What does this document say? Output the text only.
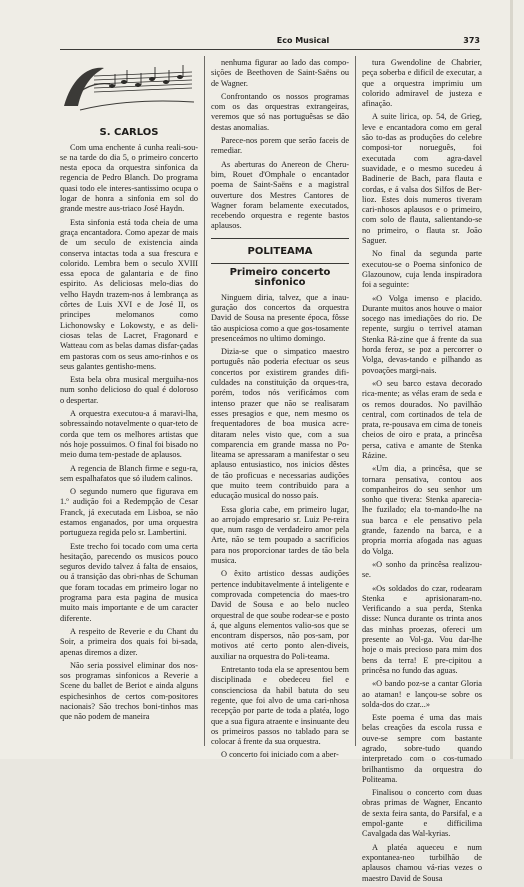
Eco Musical	373
S. CARLOS

Com uma enchente á cunha reali-sou-se na tarde do dia 5, o primeiro concerto nesta epoca da orquestra sinfonica da regencia de Pedro Blanch. Do programa quasi todo ele interes-santissimo ocupa o logar de honra a sinfonia em sol do grande mestre aus-triaco José Haydn.

Esta sinfonia está toda cheia de uma graça encantadora. Como apezar de mais de um seculo de existencia ainda conserva intactas toda a sua frescura e colorido. Lembra bem o seculo XVIII essa epoca de galantaria e de fino espirito. As deliciosas melo-dias do velho Haydn trazem-nos á lembrança as côrtes de Luis XVI e de José II, os principes melomanos como Lichonowsky e Lokowsty, e as deli-ciosas telas de Lacret, Fragonard e Watteau com as belas damas disfar-çadas em pastoras com os seus amo-rinhos e os seus galantes gentisho-mens.

Esta bela obra musical merguiha-nos num sonho delicioso do qual é doloroso o despertar.

A orquestra executou-a á maravi-lha, sobressaindo notavelmente o quar-teto de corda que tem os melhores artistas que nós hoje possuimos. O final foi bisado no meio duma tem-pestade de aplausos.

A regencia de Blanch firme e segu-ra, sem espalhafatos que só iludem calinos.

O segundo numero que figurava em 1.º audição foi a Redempção de Cesar Franck, já executada em Lisboa, se não estamos enganados, por uma orquestra portugueza regida pelo sr. Lambertini.

Este trecho foi tocado com uma certa hesitação, parecendo os musicos pouco seguros devido talvez á falta de ensaios, ou á transição das obri-nhas de Schuman que foram tocadas em primeiro logar no programa para esta pagina de musica muito mais importante e de um caracter diferente.

A respeito de Reverie e du Chant du Soir, a primeira dos quais foi bi-sada, apenas diremos a dizer.

Não seria possivel eliminar dos nos-sos programas sinfonicos a Reverie a Scene du ballet de Beriot e ainda alguns espichesinhos de certos com-positores nacionais? São trechos boni-tinhos mas que não podem de maneira

nenhuma figurar ao lado das compo-sições de Beethoven de Saint-Saëns ou de Wagner.

Confrontando os nossos programas com os das orquestras extrangeiras, veremos que só nas portuguêsas se dão destas anomalias.

Parece-nos porem que serão faceis de remediar.

As aberturas do Anereon de Cheru-bim, Rouet d'Omphale o encantador poema de Saint-Saëns e a magistral ouverture dos Mestres Cantores de Wagner foram belamente executados, recebendo orquestra e regente bastos aplausos.

POLITEAMA
Primeiro concerto sinfonico

Ninguem diria, talvez, que a inau-guração dos concertos da orquestra David de Sousa na presente época, fôsse tão auspiciosa como a que gos-tosamente presenceámos no ultimo domingo.

Dizia-se que o simpatico maestro português não poderia efectuar os seus concertos por existirem grandes difi-culdades na constituição da orques-tra, porém, todos nós verificámos com intenso prazer que não se realisaram esses presagios e que, nem mesmo os frequentadores de boa musica acre-ditaram neles visto que, com a sua comparencia em grande massa no Po-liteama se apressaram a manifestar o seu aplauso entusiastico, nos inicios dêstes de tão proficuas e necessarias audições que muito teem contribuido para a educação musical do nosso país.

Essa gloria cabe, em primeiro lugar, ao arrojado empresario sr. Luiz Pe-reira que, num rasgo de verdadeiro amor pela Arte, não se tem poupado a sacrificios para nos proporcionar tardes de tão bela musica.

O êxito artistico dessas audições pertence indubitavelmente á inteligente e comprovada competencia do maes-tro David de Sousa e ao belo nucleo orquestral de que soube rodear-se e posto á, que alguns elementos valio-sos que se encontram dispersos, não pos-sam, por motivos até certo ponto alen-diveis, auxiliar na orquestra do Poli-teama.

Entretanto toda ela se apresentou bem disciplinada e obedeceu fiel e conscienciosa da habil batuta do seu regente, que foi alvo de uma cari-nhosa recepção por parte de toda a platéa, logo que a sua figura atraente e insinuante deu os primeiros passos no tablado para se colocar á frente da sua orquestra.

O concerto foi iniciado com a aber-

tura Gwendoline de Chabrier, peça soberba e dificil de executar, a que a orquestra imprimiu um colorido admiravel de justeza e afinação.

A suite lirica, op. 54, de Grieg, leve e encantadora como em geral são to-das as produções do celebre composi-tor norueguês, foi executada com agra-davel suavidade, e o mesmo sucedeu á Badinerie de Bach, para flauta e cordas, e á valsa dos Silfos de Ber-lioz. Estes dois numeros tiveram cari-nhosos aplausos e o primeiro, com solo de flauta, salientando-se no primeiro, o flauta sr. João Saguer.

No final da segunda parte executou-se o Poema sinfonico de Glazounow, cuja lenda inspiradora foi a seguinte:

«O Volga imenso e placido. Durante muitos anos houve o maior socego nas imediações do rio. De repente, surgiu o terrivel ataman Stenka Rà-zine que á frente da sua horda feroz, se poz a percorrer o Volga, devas-tando e pilhando as povoações margi-nais.

«O seu barco estava decorado rica-mente; as vélas eram de seda e os remos dourados. No pavilhão central, com cortinados de tela de prata, re-pousava em cima de toneis cheios de oiro e prata, a princêsa persa, cativa e amante de Stenka Rázine.

«Um dia, a princêsa, que se tornara pensativa, contou aos companheiros do seu senhor um sonho que tivera: Stenka aparecia-lhe fuzilado; ela to-mando-lhe na sua barca e ele pensativo pela grande, fazendo na barca, e a propria morria afogada nas aguas do Volga.

«O sonho da princêsa realizou-se.

«Os soldados do czar, rodearam Stenka e aprisionaram-no. Verificando a sua perda, Stenka disse: Nunca durante os trinta anos das minhas proezas, ofereci um presente ao Vol-ga. Vou dar-lhe hoje o mais precioso para mim dos bens da terra! E pre-cipitou a princêsa no fundo das aguas.

«O bando poz-se a cantar Gloria ao ataman! e lançou-se sobre os solda-dos do czar...»

Este poema é uma das mais belas creações da escola russa e ouve-se sempre com bastante agrado, sobre-tudo quando interpretado com o cos-tumado brilhantismo da orquestra do Politeama.

Finalisou o concerto com duas obras primas de Wagner, Encanto de sexta feira santa, do Parsifal, e a empol-gante e difficilima Cavalgada das Wal-kyrias.

A platéa aqueceu e num expontanea-neo turbilhão de aplausos chamou vá-rias vezes o maestro David de Sousa
